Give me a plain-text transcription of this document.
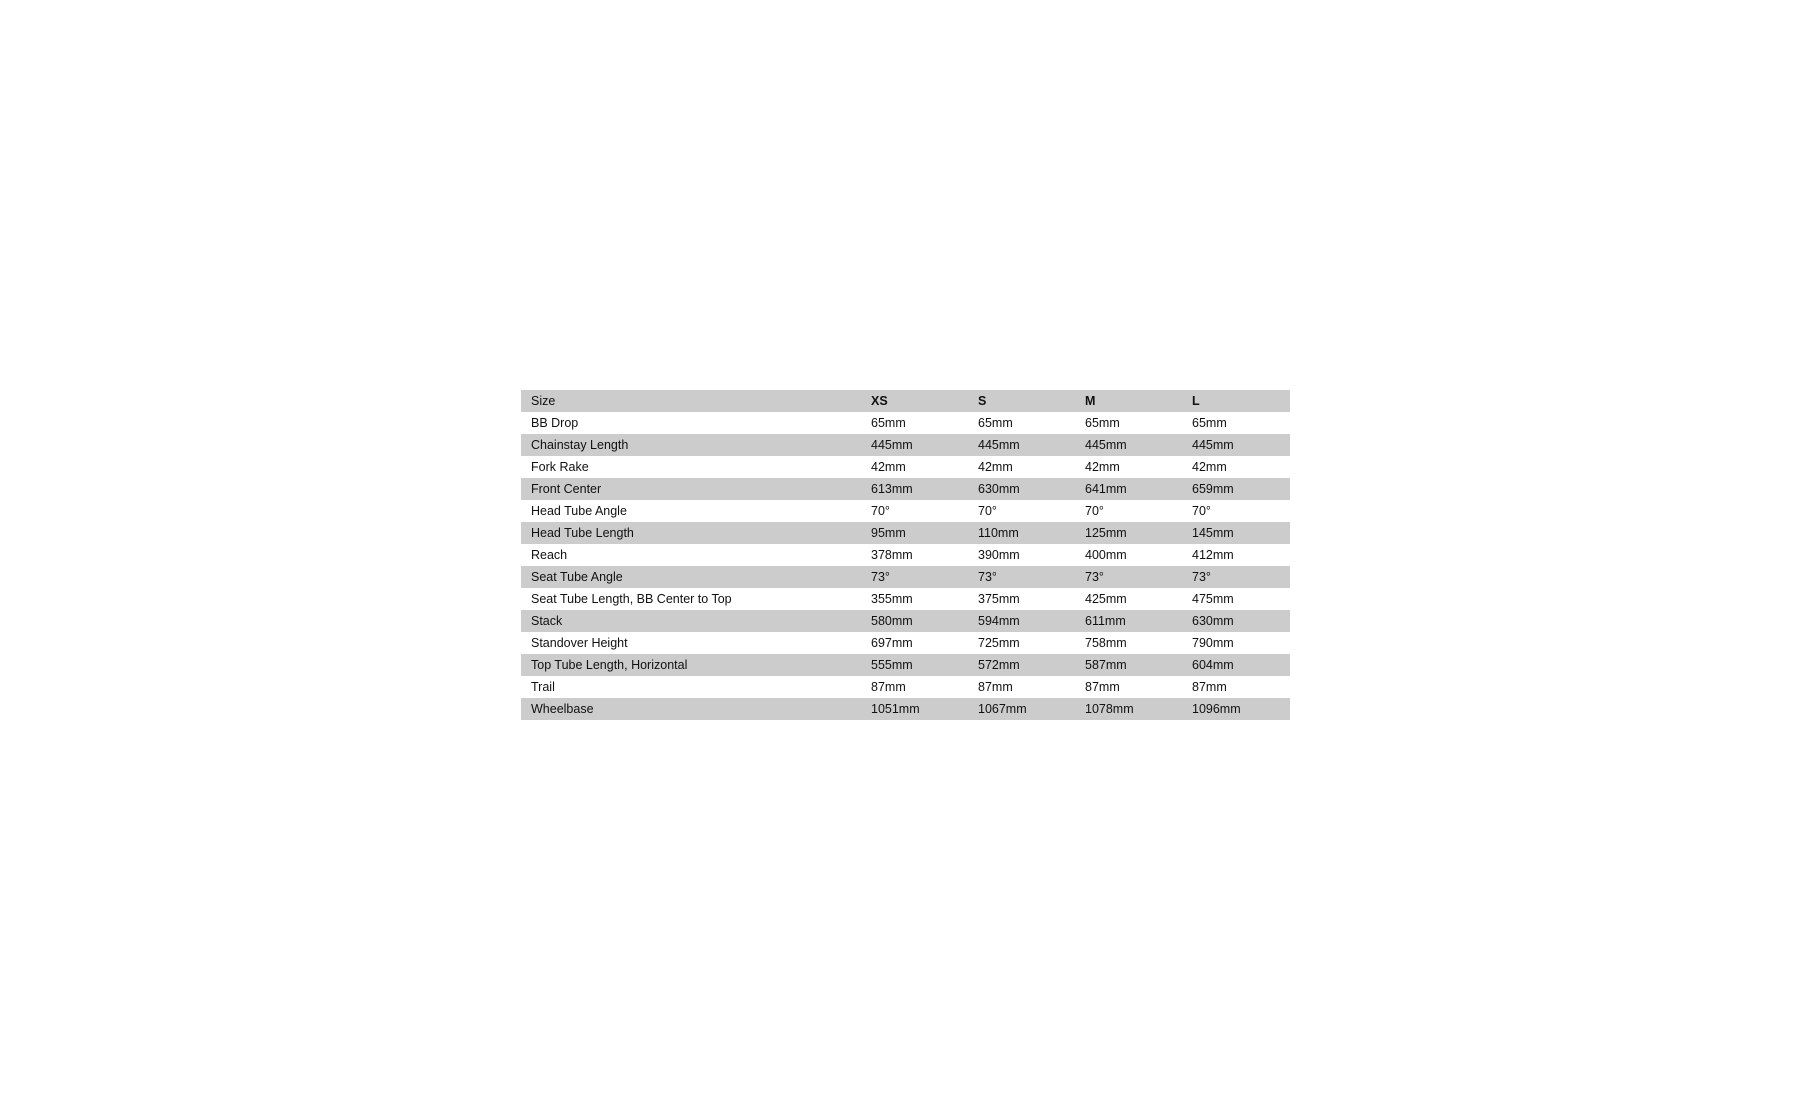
Size	XS	S	M	L
BB Drop	65mm	65mm	65mm	65mm
Chainstay Length	445mm	445mm	445mm	445mm
Fork Rake	42mm	42mm	42mm	42mm
Front Center	613mm	630mm	641mm	659mm
Head Tube Angle	70°	70°	70°	70°
Head Tube Length	95mm	110mm	125mm	145mm
Reach	378mm	390mm	400mm	412mm
Seat Tube Angle	73°	73°	73°	73°
Seat Tube Length, BB Center to Top	355mm	375mm	425mm	475mm
Stack	580mm	594mm	611mm	630mm
Standover Height	697mm	725mm	758mm	790mm
Top Tube Length, Horizontal	555mm	572mm	587mm	604mm
Trail	87mm	87mm	87mm	87mm
Wheelbase	1051mm	1067mm	1078mm	1096mm
